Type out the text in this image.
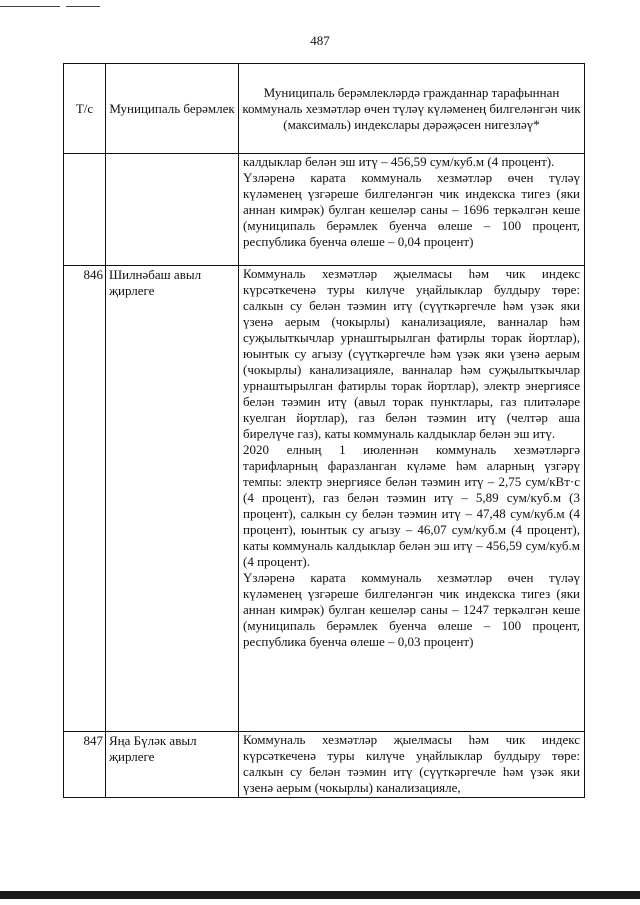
487
Т/с	Муниципаль берәмлек	Муниципаль берәмлекләрдә гражданнар тарафыннан коммуналь хезмәтләр өчен түләү күләменең билгеләнгән чик (максималь) индекслары дәрәҗәсен нигезләү*

		калдыклар белән эш итү – 456,59 сум/куб.м (4 процент).

Үзләренә карата коммуналь хезмәтләр өчен түләү күләменең үзгәреше билгеләнгән чик индекска тигез (яки аннан кимрәк) булган кешеләр саны – 1696 теркәлгән кеше (муниципаль берәмлек буенча өлеше – 100 процент, республика буенча өлеше – 0,04 процент)

846	Шилнәбаш авыл җирлеге	Коммуналь хезмәтләр җыелмасы һәм чик индекс күрсәткеченә туры килүче уңайлыклар булдыру төре: салкын су белән тәэмин итү (сүүткәргечле һәм үзәк яки үзенә аерым (чокырлы) канализацияле, ванналар һәм суҗылыткычлар урнаштырылган фатирлы торак йортлар), юынтык су агызу (сүүткәргечле һәм үзәк яки үзенә аерым (чокырлы) канализацияле, ванналар һәм суҗылыткычлар урнаштырылган фатирлы торак йортлар), электр энергиясе белән тәэмин итү (авыл торак пунктлары, газ плитәләре куелган йортлар), газ белән тәэмин итү (челтәр аша бирелүче газ), каты коммуналь калдыклар белән эш итү.

2020 елның 1 июленнән коммуналь хезмәтләргә тарифларның фаразланган күләме һәм аларның үзгәрү темпы: электр энергиясе белән тәэмин итү – 2,75 сум/кВт·с (4 процент), газ белән тәэмин итү – 5,89 сум/куб.м (3 процент), салкын су белән тәэмин итү – 47,48 сум/куб.м (4 процент), юынтык су агызу – 46,07 сум/куб.м (4 процент), каты коммуналь калдыклар белән эш итү – 456,59 сум/куб.м (4 процент).

Үзләренә карата коммуналь хезмәтләр өчен түләү күләменең үзгәреше билгеләнгән чик индекска тигез (яки аннан кимрәк) булган кешеләр саны – 1247 теркәлгән кеше (муниципаль берәмлек буенча өлеше – 100 процент, республика буенча өлеше – 0,03 процент)

847	Яңа Бүләк авыл җирлеге	Коммуналь хезмәтләр җыелмасы һәм чик индекс күрсәткеченә туры килүче уңайлыклар булдыру төре: салкын су белән тәэмин итү (сүүткәргечле һәм үзәк яки үзенә аерым (чокырлы) канализацияле,
